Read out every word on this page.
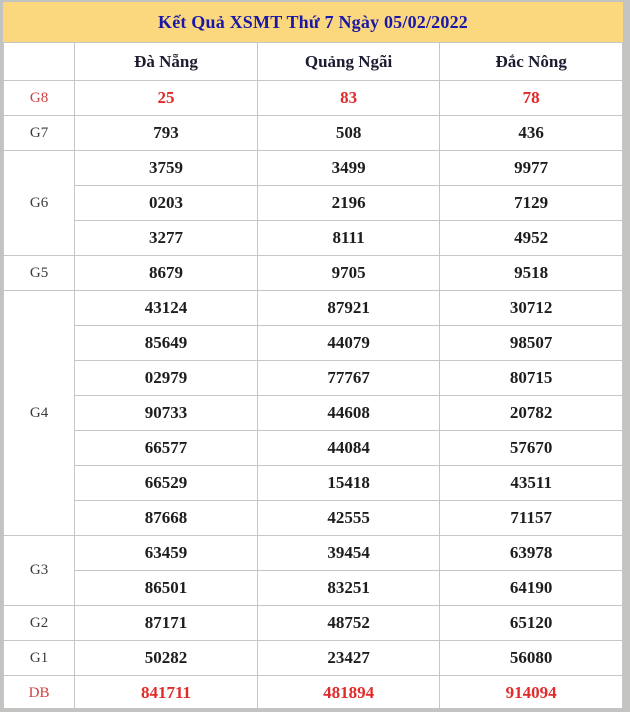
Kết Quả XSMT Thứ 7 Ngày 05/02/2022
	Đà Nẵng	Quảng Ngãi	Đắc Nông
G8	25	83	78
G7	793	508	436
G6	3759	3499	9977
	0203	2196	7129
	3277	8111	4952
G5	8679	9705	9518
G4	43124	87921	30712
	85649	44079	98507
	02979	77767	80715
	90733	44608	20782
	66577	44084	57670
	66529	15418	43511
	87668	42555	71157
G3	63459	39454	63978
	86501	83251	64190
G2	87171	48752	65120
G1	50282	23427	56080
DB	841711	481894	914094
